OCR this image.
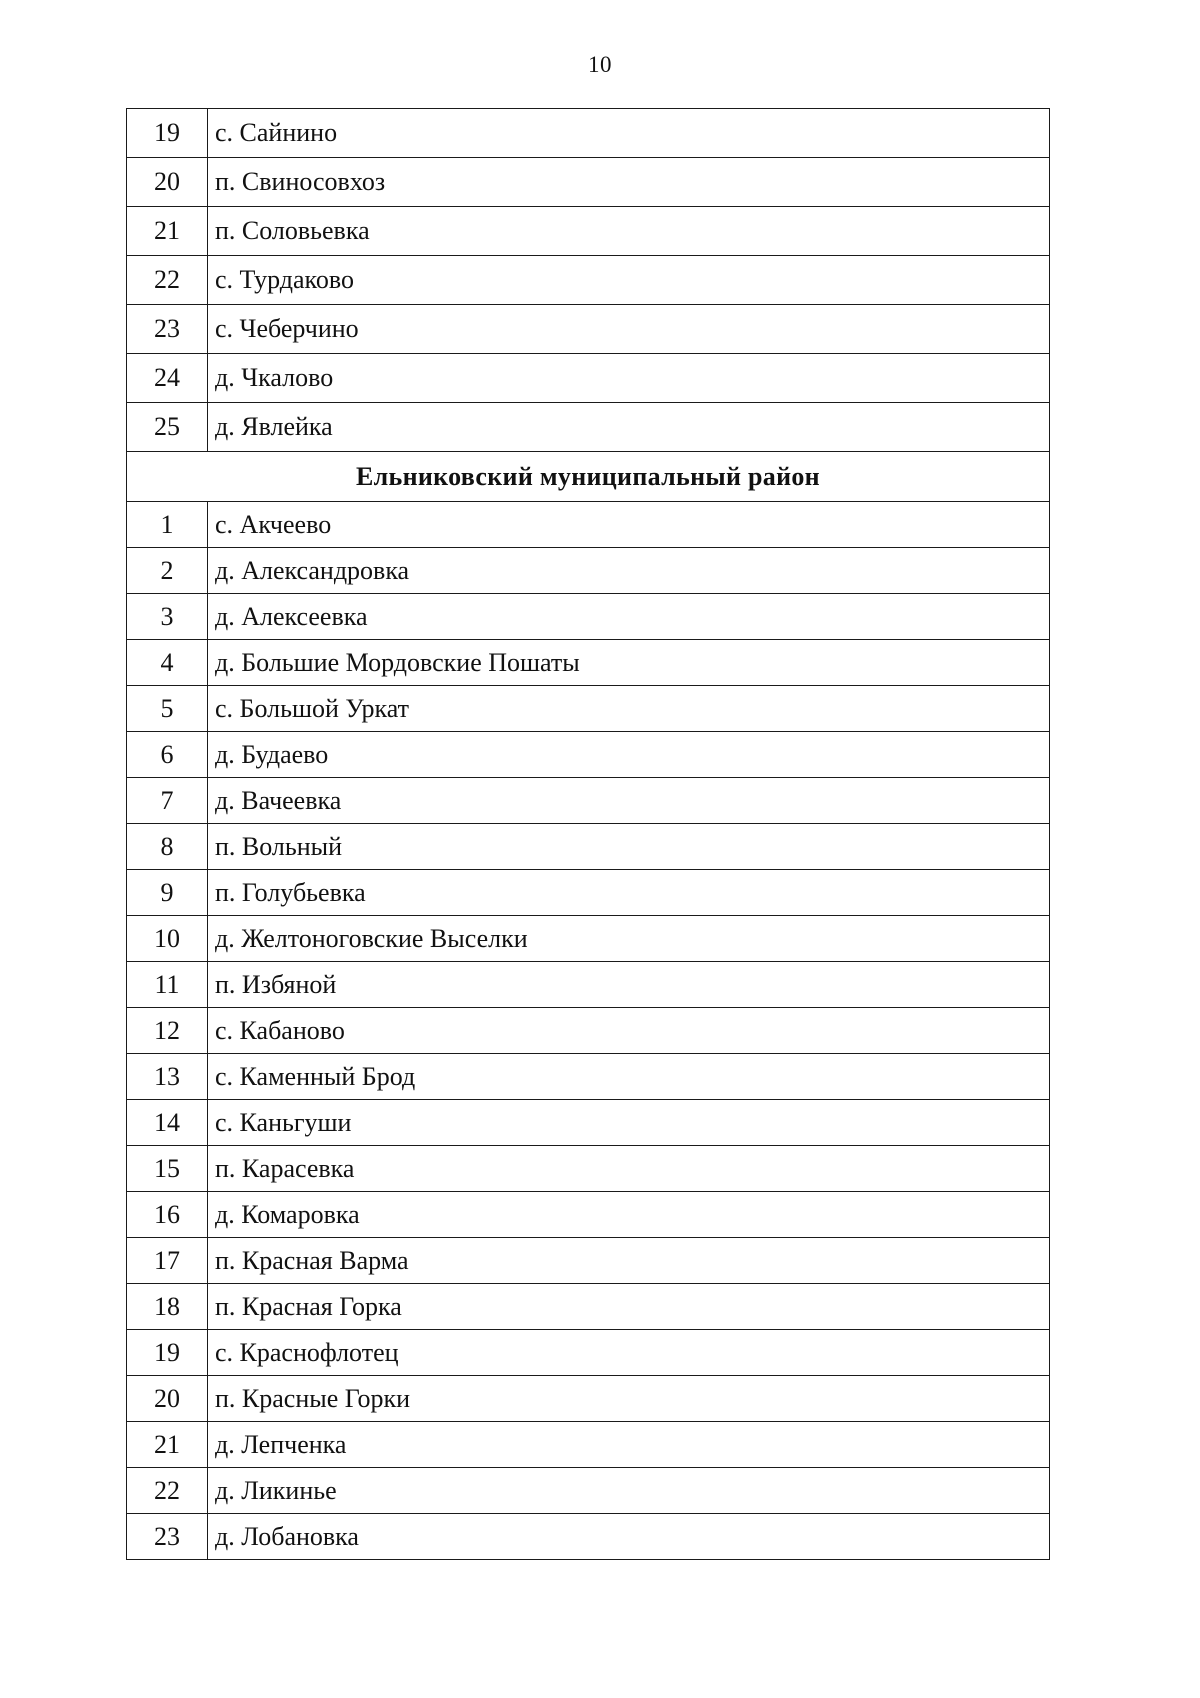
10
19	с. Сайнино
20	п. Свиносовхоз
21	п. Соловьевка
22	с. Турдаково
23	с. Чеберчино
24	д. Чкалово
25	д. Явлейка
Ельниковский муниципальный район	
1	с. Акчеево
2	д. Александровка
3	д. Алексеевка
4	д. Большие Мордовские Пошаты
5	с. Большой Уркат
6	д. Будаево
7	д. Вачеевка
8	п. Вольный
9	п. Голубьевка
10	д. Желтоноговские Выселки
11	п. Избяной
12	с. Кабаново
13	с. Каменный Брод
14	с. Каньгуши
15	п. Карасевка
16	д. Комаровка
17	п. Красная Варма
18	п. Красная Горка
19	с. Краснофлотец
20	п. Красные Горки
21	д. Лепченка
22	д. Ликинье
23	д. Лобановка
